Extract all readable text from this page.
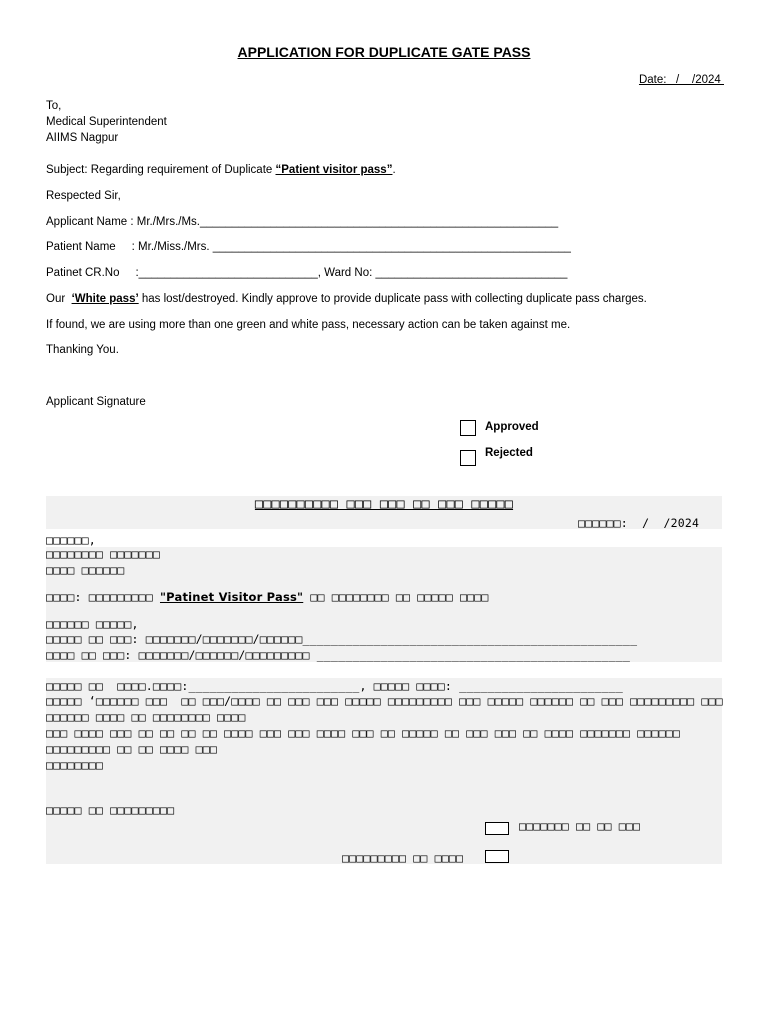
APPLICATION FOR DUPLICATE GATE PASS
Date:   /    /2024
To,
Medical Superintendent
AIIMS Nagpur
Subject: Regarding requirement of Duplicate “Patient visitor pass”.
Respected Sir,
Applicant Name : Mr./Mrs./Ms.________________________________________________________
Patient Name     : Mr./Miss./Mrs. ________________________________________________________
Patinet CR.No     :____________________________, Ward No: ______________________________
Our  ‘White pass’ has lost/destroyed. Kindly approve to provide duplicate pass with collecting duplicate pass charges.
If found, we are using more than one green and white pass, necessary action can be taken against me.
Thanking You.
Applicant Signature
Approved
Rejected
□□□□□□□□□□ □□□ □□□ □□ □□□ □□□□□
□□□□□□:  /  /2024
□□□□□□,
□□□□□□□□ □□□□□□□
□□□□ □□□□□□
□□□□: □□□□□□□□□ "Patinet Visitor Pass" □□ □□□□□□□□ □□ □□□□□ □□□□
□□□□□□ □□□□□,
□□□□□ □□ □□□: □□□□□□□/□□□□□□□/□□□□□□_______________________________________________
□□□□ □□ □□□: □□□□□□□/□□□□□□/□□□□□□□□□ ____________________________________________
□□□□□ □□  □□□□.□□□□:________________________, □□□□□ □□□□: _______________________
□□□□□ ‘□□□□□□ □□□  □□ □□□/□□□□ □□ □□□ □□□ □□□□□ □□□□□□□□□ □□□ □□□□□ □□□□□□ □□ □□□ □□□□□□□□□ □□□
□□□□□□ □□□□ □□ □□□□□□□□ □□□□
□□□ □□□□ □□□ □□ □□ □□ □□ □□□□ □□□ □□□ □□□□ □□□ □□ □□□□□ □□ □□□ □□□ □□ □□□□ □□□□□□□ □□□□□□
□□□□□□□□□ □□ □□ □□□□ □□□
□□□□□□□□
□□□□□ □□ □□□□□□□□□
□□□□□□□ □□ □□ □□□
□□□□□□□□□ □□ □□□□
